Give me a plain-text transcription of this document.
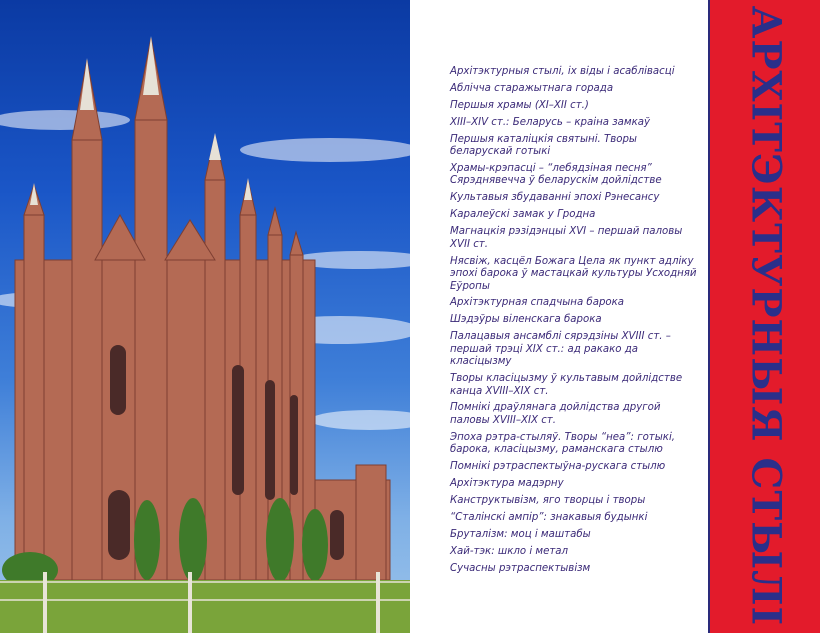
Архітэктурныя стылі, іх віды і асаблівасці
Аблічча старажытнага горада
Першыя храмы (XI–XII ст.)
XIII–XIV ст.: Беларусь – краіна замкаў
Першыя каталіцкія святыні. Творы беларускай готыкі
Храмы-крэпасці – “лебядзіная песня” Сярэднявечча ў беларускім дойлідстве
Культавыя збудаванні эпохі Рэнесансу
Каралеўскі замак у Гродна
Магнацкія рэзідэнцыі XVI – першай паловы XVII ст.
Нясвіж, касцёл Божага Цела як пункт адліку эпохі барока ў мастацкай культуры Усходняй Еўропы
Архітэктурная спадчына барока
Шэдэўры віленскага барока
Палацавыя ансамблі сярэдзіны XVIII ст. – першай трэці XIX ст.: ад ракако да класіцызму
Творы класіцызму ў культавым дойлідстве канца XVIII–XIX ст.
Помнікі драўлянага дойлідства другой паловы XVIII–XIX ст.
Эпоха рэтра-стыляў. Творы “неа”: готыкі, барока, класіцызму, раманскага стылю
Помнікі рэтраспектыўна-рускага стылю
Архітэктура мадэрну
Канструктывізм, яго творцы і творы
“Сталінскі ампір”: знакавыя будынкі
Бруталізм: моц і маштабы
Хай-тэк: шкло і метал
Сучасны рэтраспектывізм	АРХІТЭКТУРНЫЯ СТЫЛІ
